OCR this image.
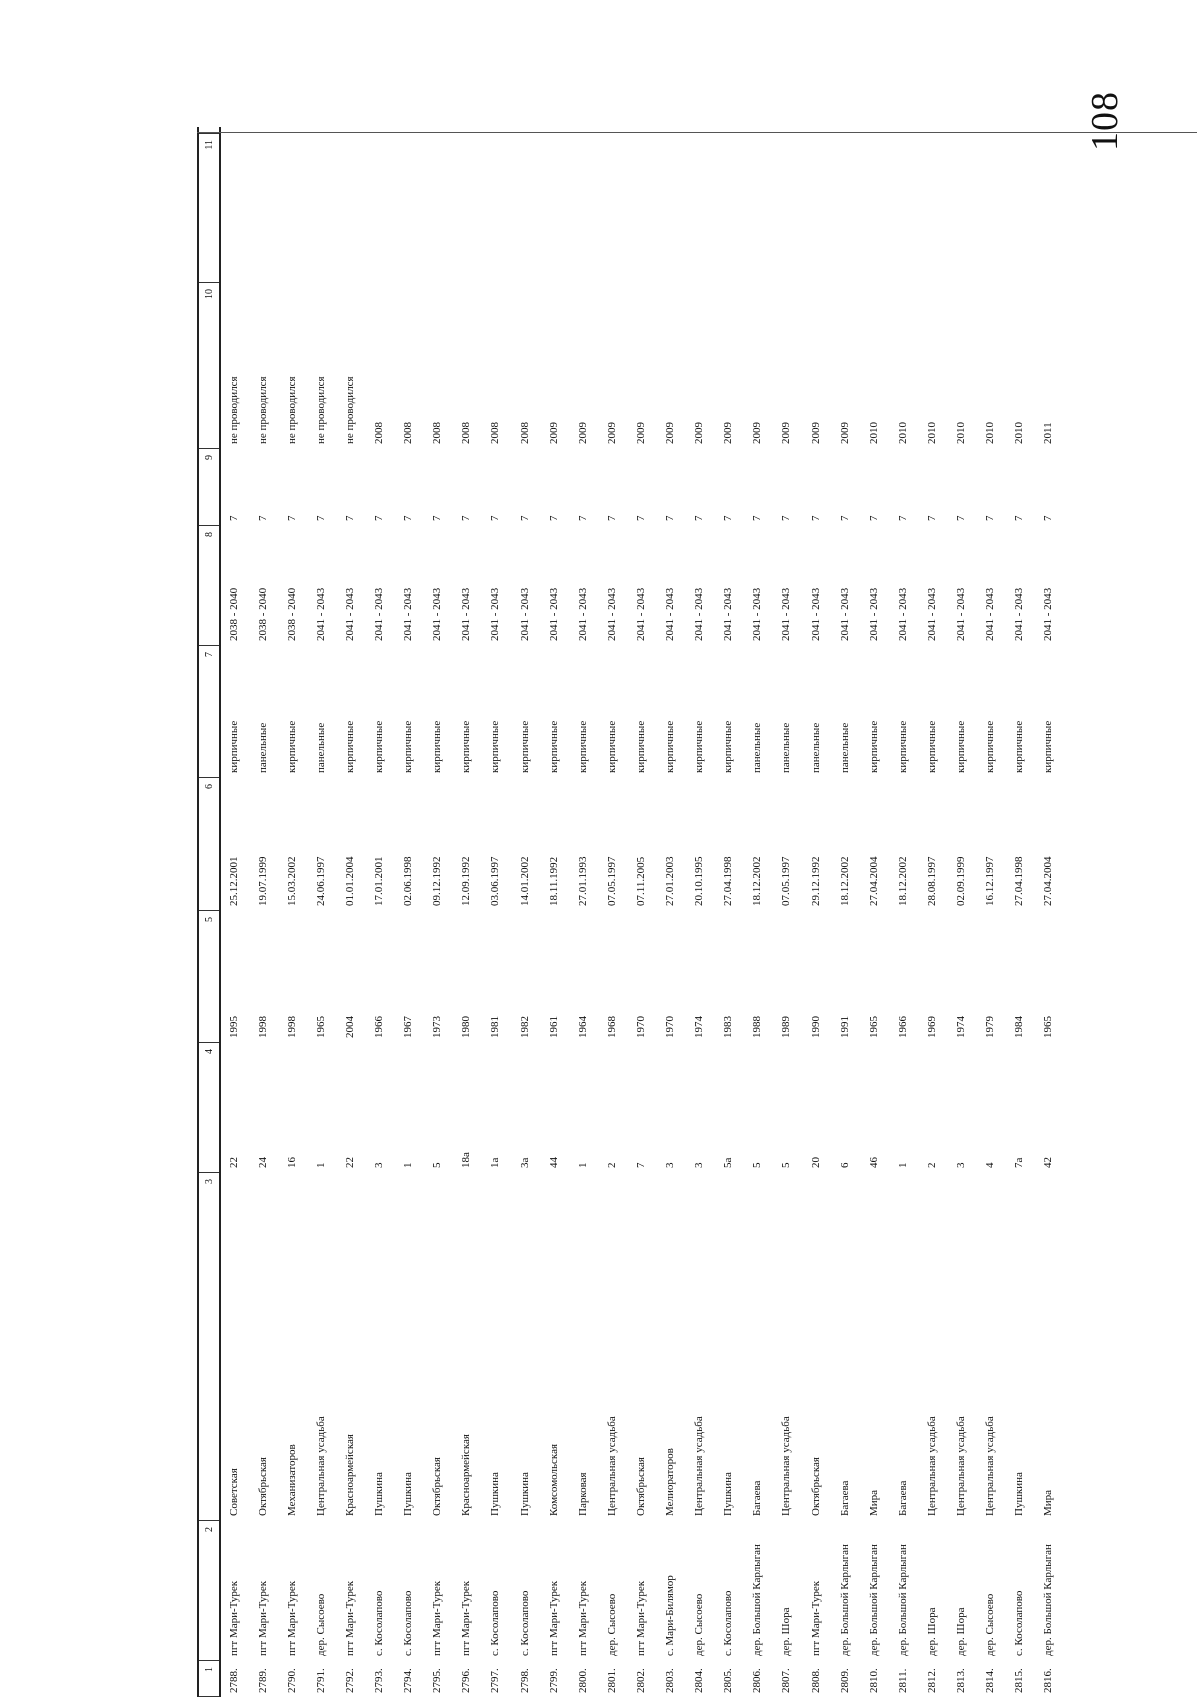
108
1
2
3
4
5
6
7
8
9
10
11
2788.
пгт Мари-Турек
Советская
22
1995
25.12.2001
кирпичные
2038 - 2040
7
не проводился
2789.
пгт Мари-Турек
Октябрьская
24
1998
19.07.1999
панельные
2038 - 2040
7
не проводился
2790.
пгт Мари-Турек
Механизаторов
16
1998
15.03.2002
кирпичные
2038 - 2040
7
не проводился
2791.
дер. Сысоево
Центральная усадьба
1
1965
24.06.1997
панельные
2041 - 2043
7
не проводился
2792.
пгт Мари-Турек
Красноармейская
22
2004
01.01.2004
кирпичные
2041 - 2043
7
не проводился
2793.
с. Косолапово
Пушкина
3
1966
17.01.2001
кирпичные
2041 - 2043
7
2008
2794.
с. Косолапово
Пушкина
1
1967
02.06.1998
кирпичные
2041 - 2043
7
2008
2795.
пгт Мари-Турек
Октябрьская
5
1973
09.12.1992
кирпичные
2041 - 2043
7
2008
2796.
пгт Мари-Турек
Красноармейская
18а
1980
12.09.1992
кирпичные
2041 - 2043
7
2008
2797.
с. Косолапово
Пушкина
1а
1981
03.06.1997
кирпичные
2041 - 2043
7
2008
2798.
с. Косолапово
Пушкина
3а
1982
14.01.2002
кирпичные
2041 - 2043
7
2008
2799.
пгт Мари-Турек
Комсомольская
44
1961
18.11.1992
кирпичные
2041 - 2043
7
2009
2800.
пгт Мари-Турек
Парковая
1
1964
27.01.1993
кирпичные
2041 - 2043
7
2009
2801.
дер. Сысоево
Центральная усадьба
2
1968
07.05.1997
кирпичные
2041 - 2043
7
2009
2802.
пгт Мари-Турек
Октябрьская
7
1970
07.11.2005
кирпичные
2041 - 2043
7
2009
2803.
с. Мари-Билямор
Мелиораторов
3
1970
27.01.2003
кирпичные
2041 - 2043
7
2009
2804.
дер. Сысоево
Центральная усадьба
3
1974
20.10.1995
кирпичные
2041 - 2043
7
2009
2805.
с. Косолапово
Пушкина
5а
1983
27.04.1998
кирпичные
2041 - 2043
7
2009
2806.
дер. Большой Карлыган
Багаева
5
1988
18.12.2002
панельные
2041 - 2043
7
2009
2807.
дер. Шора
Центральная усадьба
5
1989
07.05.1997
панельные
2041 - 2043
7
2009
2808.
пгт Мари-Турек
Октябрьская
20
1990
29.12.1992
панельные
2041 - 2043
7
2009
2809.
дер. Большой Карлыган
Багаева
6
1991
18.12.2002
панельные
2041 - 2043
7
2009
2810.
дер. Большой Карлыган
Мира
46
1965
27.04.2004
кирпичные
2041 - 2043
7
2010
2811.
дер. Большой Карлыган
Багаева
1
1966
18.12.2002
кирпичные
2041 - 2043
7
2010
2812.
дер. Шора
Центральная усадьба
2
1969
28.08.1997
кирпичные
2041 - 2043
7
2010
2813.
дер. Шора
Центральная усадьба
3
1974
02.09.1999
кирпичные
2041 - 2043
7
2010
2814.
дер. Сысоево
Центральная усадьба
4
1979
16.12.1997
кирпичные
2041 - 2043
7
2010
2815.
с. Косолапово
Пушкина
7а
1984
27.04.1998
кирпичные
2041 - 2043
7
2010
2816.
дер. Большой Карлыган
Мира
42
1965
27.04.2004
кирпичные
2041 - 2043
7
2011
